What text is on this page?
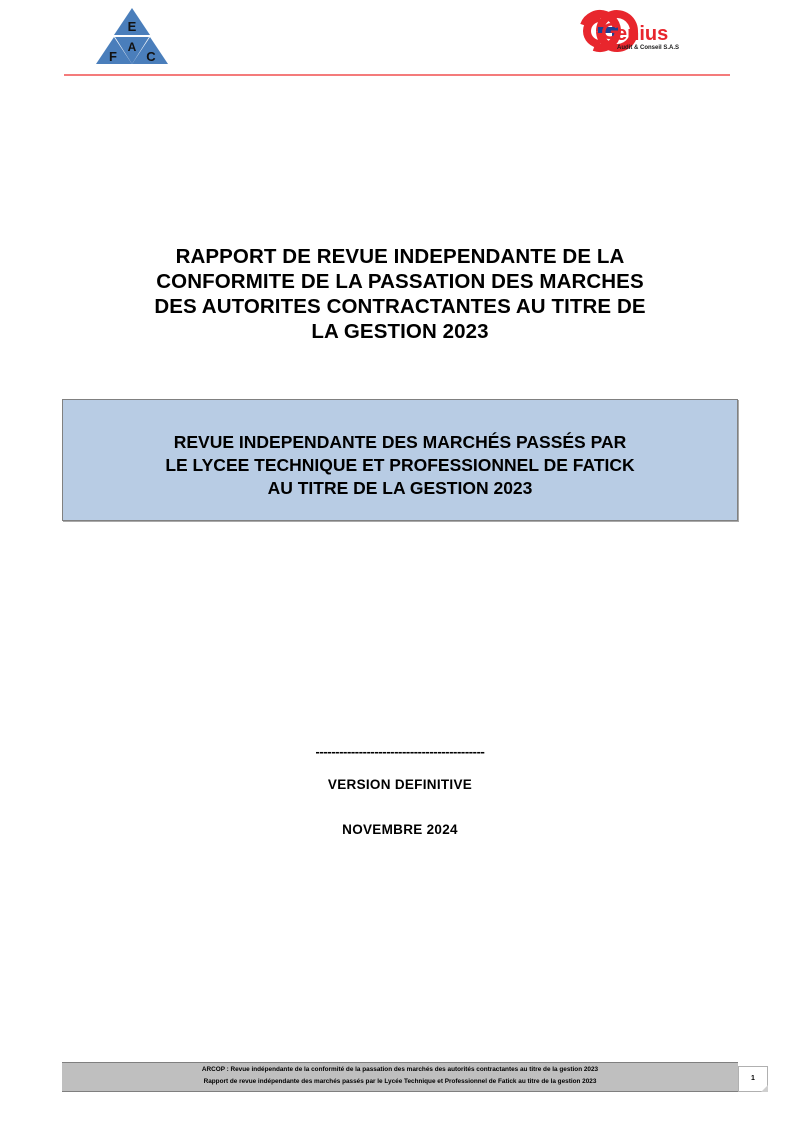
E
A
F C
G
enius
Audit & Conseil S.A.S
RAPPORT DE REVUE INDEPENDANTE DE LA
CONFORMITE DE LA PASSATION DES MARCHES
DES AUTORITES CONTRACTANTES AU TITRE DE
LA GESTION 2023
REVUE INDEPENDANTE DES MARCHÉS PASSÉS PAR
LE LYCEE TECHNIQUE ET PROFESSIONNEL DE FATICK
AU TITRE DE LA GESTION 2023
-------------------------------------------
VERSION DEFINITIVE
NOVEMBRE 2024
ARCOP : Revue indépendante de la conformité de la passation des marchés des autorités contractantes au titre de la gestion 2023
Rapport de revue indépendante des marchés passés par le Lycée Technique et Professionnel de Fatick au titre de la gestion 2023	1
